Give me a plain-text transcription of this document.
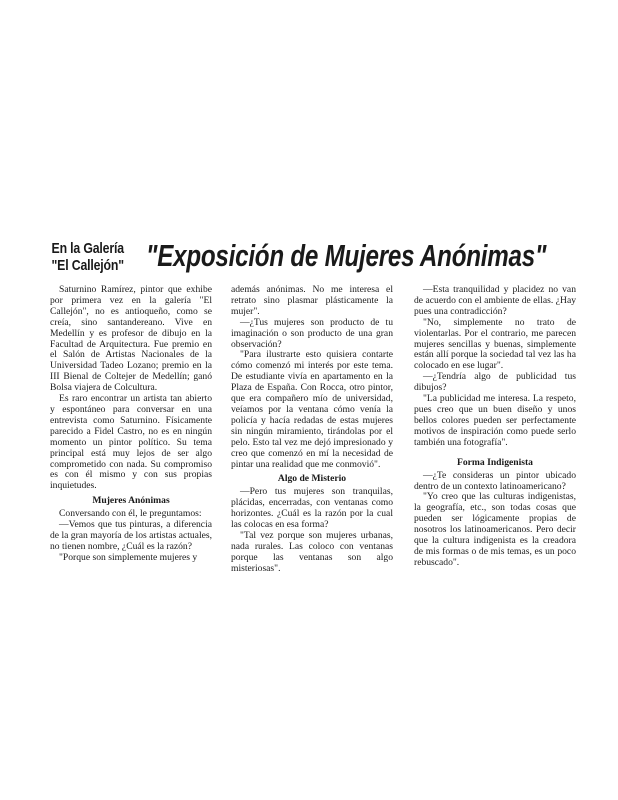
En la Galería
"El Callejón" "Exposición de Mujeres Anónimas"

Saturnino Ramírez, pintor que exhibe por primera vez en la galería "El Callejón", no es antioqueño, como se creía, sino santandereano. Vive en Medellín y es profesor de dibujo en la Facultad de Arquitectura. Fue premio en el Salón de Artistas Nacionales de la Universidad Tadeo Lozano; premio en la III Bienal de Coltejer de Medellín; ganó Bolsa viajera de Colcultura.

Es raro encontrar un artista tan abierto y espontáneo para conversar en una entrevista como Saturnino. Físicamente parecido a Fidel Castro, no es en ningún momento un pintor político. Su tema principal está muy lejos de ser algo comprometido con nada. Su compromiso es con él mismo y con sus propias inquietudes.

Mujeres Anónimas

Conversando con él, le preguntamos:

—Vemos que tus pinturas, a diferencia de la gran mayoría de los artistas actuales, no tienen nombre, ¿Cuál es la razón?

"Porque son simplemente mujeres y

además anónimas. No me interesa el retrato sino plasmar plásticamente la mujer".

—¿Tus mujeres son producto de tu imaginación o son producto de una gran observación?

"Para ilustrarte esto quisiera contarte cómo comenzó mi interés por este tema. De estudiante vivía en apartamento en la Plaza de España. Con Rocca, otro pintor, que era compañero mío de universidad, veíamos por la ventana cómo venía la policía y hacía redadas de estas mujeres sin ningún miramiento, tirándolas por el pelo. Esto tal vez me dejó impresionado y creo que comenzó en mí la necesidad de pintar una realidad que me conmovió".

Algo de Misterio

—Pero tus mujeres son tranquilas, plácidas, encerradas, con ventanas como horizontes. ¿Cuál es la razón por la cual las colocas en esa forma?

"Tal vez porque son mujeres urbanas, nada rurales. Las coloco con ventanas porque las ventanas son algo misteriosas".

—Esta tranquilidad y placidez no van de acuerdo con el ambiente de ellas. ¿Hay pues una contradicción?

"No, simplemente no trato de violentarlas. Por el contrario, me parecen mujeres sencillas y buenas, simplemente están allí porque la sociedad tal vez las ha colocado en ese lugar".

—¿Tendría algo de publicidad tus dibujos?

"La publicidad me interesa. La respeto, pues creo que un buen diseño y unos bellos colores pueden ser perfectamente motivos de inspiración como puede serlo también una fotografía".

Forma Indigenista

—¿Te consideras un pintor ubicado dentro de un contexto latinoamericano?

"Yo creo que las culturas indigenistas, la geografía, etc., son todas cosas que pueden ser lógicamente propias de nosotros los latinoamericanos. Pero decir que la cultura indigenista es la creadora de mis formas o de mis temas, es un poco rebuscado".
